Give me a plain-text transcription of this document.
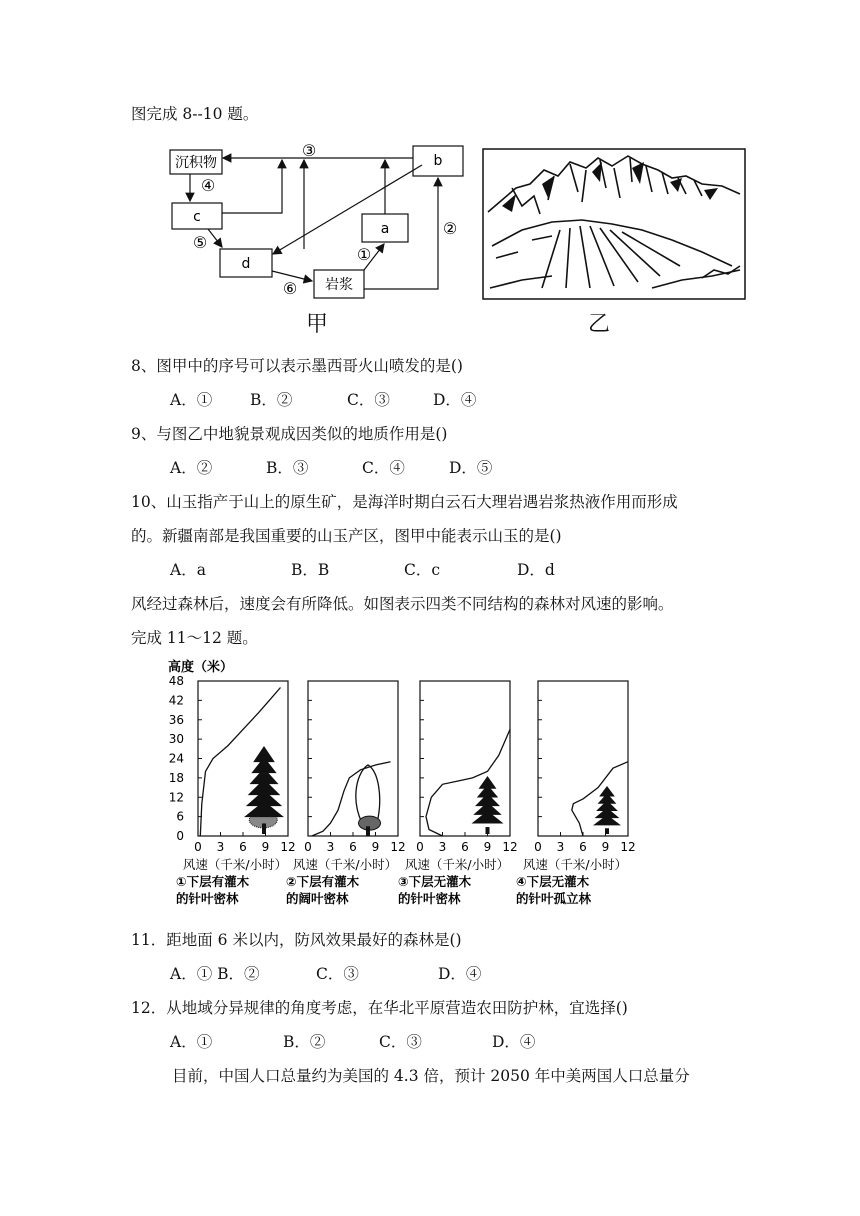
图完成 8--10 题。
沉积物	b
c
a
d
岩浆
③
④
⑤
⑥
①
②
甲	乙
8、图甲中的序号可以表示墨西哥火山喷发的是()
A．① B．②	C．③	D．④
9、与图乙中地貌景观成因类似的地质作用是()
A．②	B．③	C．④	D．⑤
10、山玉指产于山上的原生矿，是海洋时期白云石大理岩遇岩浆热液作用而形成
的。新疆南部是我国重要的山玉产区，图甲中能表示山玉的是()
A．a	B．B	C．c	D．d
风经过森林后，速度会有所降低。如图表示四类不同结构的森林对风速的影响。
完成 11～12 题。
高度（米）
48
42
36
30
24
18
12
6
0
0 3 6 9 12
风速（千米/小时）
①下层有灌木
的针叶密林
0 3 6 9 12
风速（千米/小时）
②下层有灌木
的阔叶密林
0 3 6 9 12
风速（千米/小时）
③下层无灌木
的针叶密林
0 3 6 9 12
风速（千米/小时）
④下层无灌木
的针叶孤立林
11．距地面 6 米以内，防风效果最好的森林是()
A．① B．②	C．③	D．④
12．从地域分异规律的角度考虑，在华北平原营造农田防护林，宜选择()
A．①	B．②	C．③	D．④
目前，中国人口总量约为美国的 4.3 倍，预计 2050 年中美两国人口总量分
